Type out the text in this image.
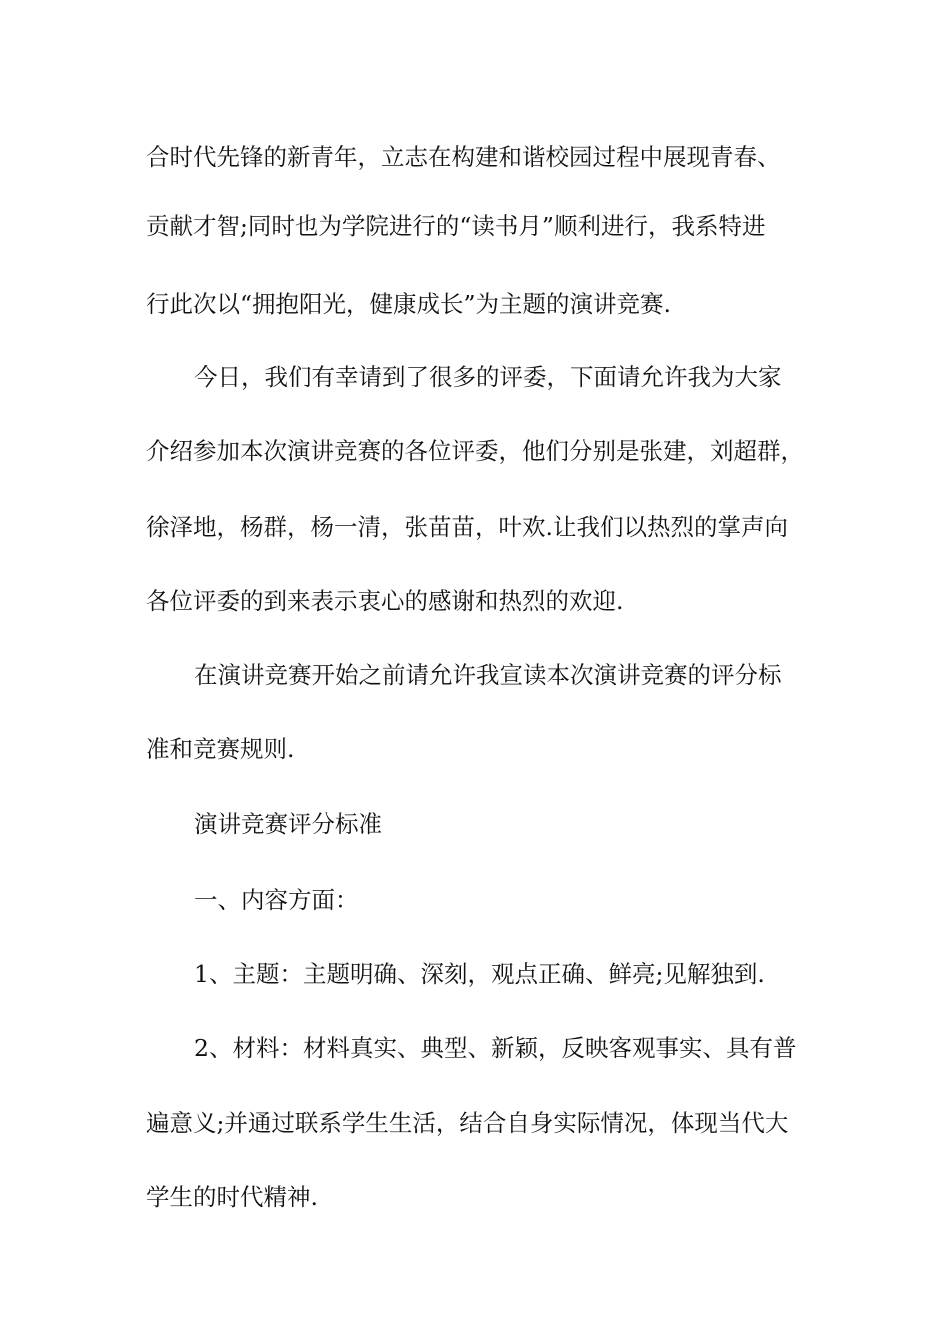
合时代先锋的新青年，立志在构建和谐校园过程中展现青春、
贡献才智;同时也为学院进行的“读书月”顺利进行，我系特进
行此次以“拥抱阳光，健康成长”为主题的演讲竞赛.
今日，我们有幸请到了很多的评委，下面请允许我为大家
介绍参加本次演讲竞赛的各位评委，他们分别是张建，刘超群，
徐泽地，杨群，杨一清，张苗苗，叶欢.让我们以热烈的掌声向
各位评委的到来表示衷心的感谢和热烈的欢迎.
在演讲竞赛开始之前请允许我宣读本次演讲竞赛的评分标
准和竞赛规则.
演讲竞赛评分标准
一、内容方面：
1、主题：主题明确、深刻，观点正确、鲜亮;见解独到.
2、材料：材料真实、典型、新颖，反映客观事实、具有普
遍意义;并通过联系学生生活，结合自身实际情况，体现当代大
学生的时代精神.
